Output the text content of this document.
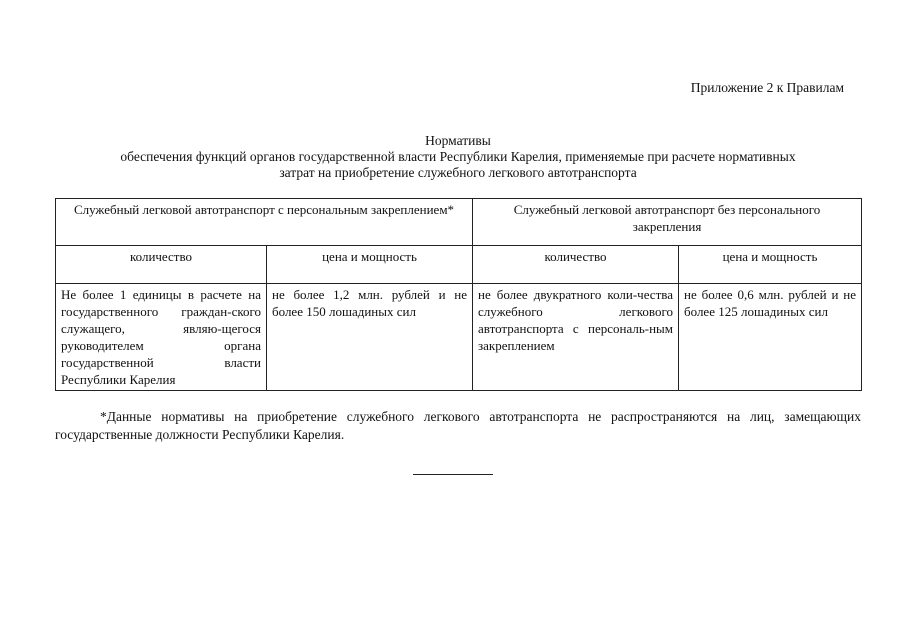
Приложение 2 к Правилам
Нормативы
обеспечения функций органов государственной власти Республики Карелия, применяемые при расчете нормативных
затрат на приобретение служебного легкового автотранспорта
Служебный легковой автотранспорт с персональным закреплением*		Служебный легковой автотранспорт без персонального закрепления	
количество	цена и мощность	количество	цена и мощность
Не более 1 единицы в расчете на государственного граждан-ского служащего, являю-щегося руководителем органа государственной власти Республики Карелия	не более 1,2 млн. рублей и не более 150 лошадиных сил	не более двукратного коли-чества служебного легкового автотранспорта с персональ-ным закреплением	не более 0,6 млн. рублей и не более 125 лошадиных сил
*Данные нормативы на приобретение служебного легкового автотранспорта не распространяются на лиц, замещающих государственные должности Республики Карелия.
